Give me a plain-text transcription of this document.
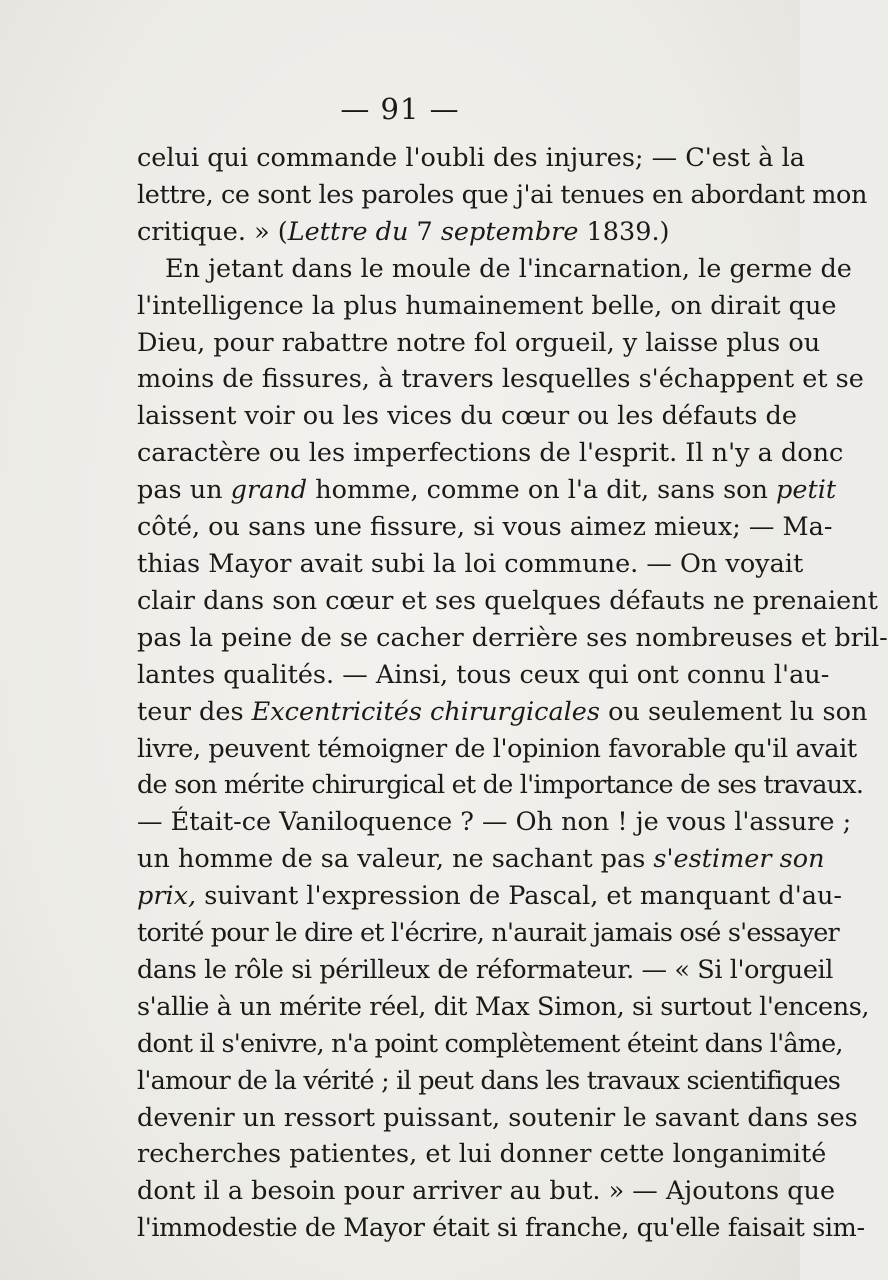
— 91 —
celui qui commande l'oubli des injures; — C'est à la
lettre, ce sont les paroles que j'ai tenues en abordant mon
critique. » (Lettre du 7 septembre 1839.)
En jetant dans le moule de l'incarnation, le germe de
l'intelligence la plus humainement belle, on dirait que
Dieu, pour rabattre notre fol orgueil, y laisse plus ou
moins de fissures, à travers lesquelles s'échappent et se
laissent voir ou les vices du cœur ou les défauts de
caractère ou les imperfections de l'esprit. Il n'y a donc
pas un grand homme, comme on l'a dit, sans son petit
côté, ou sans une fissure, si vous aimez mieux; — Ma-
thias Mayor avait subi la loi commune. — On voyait
clair dans son cœur et ses quelques défauts ne prenaient
pas la peine de se cacher derrière ses nombreuses et bril-
lantes qualités. — Ainsi, tous ceux qui ont connu l'au-
teur des Excentricités chirurgicales ou seulement lu son
livre, peuvent témoigner de l'opinion favorable qu'il avait
de son mérite chirurgical et de l'importance de ses travaux.
— Était-ce Vaniloquence ? — Oh non ! je vous l'assure ;
un homme de sa valeur, ne sachant pas s'estimer son
prix, suivant l'expression de Pascal, et manquant d'au-
torité pour le dire et l'écrire, n'aurait jamais osé s'essayer
dans le rôle si périlleux de réformateur. — « Si l'orgueil
s'allie à un mérite réel, dit Max Simon, si surtout l'encens,
dont il s'enivre, n'a point complètement éteint dans l'âme,
l'amour de la vérité ; il peut dans les travaux scientifiques
devenir un ressort puissant, soutenir le savant dans ses
recherches patientes, et lui donner cette longanimité
dont il a besoin pour arriver au but. » — Ajoutons que
l'immodestie de Mayor était si franche, qu'elle faisait sim-
